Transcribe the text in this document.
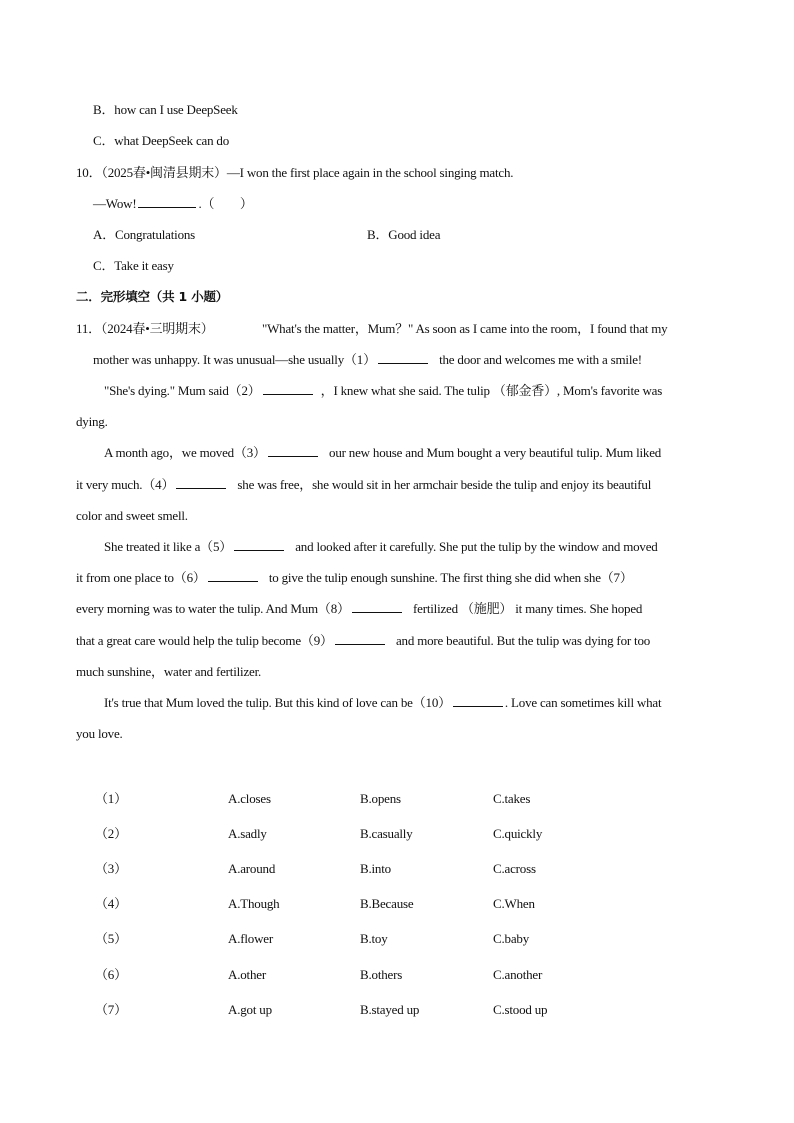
B．how can I use DeepSeek
C．what DeepSeek can do
10．（2025春•闽清县期末）—I won the first place again in the school singing match.
—Wow!	.（　　）
A．Congratulations	B．Good idea
C．Take it easy
二．完形填空（共 1 小题）
11．（2024春•三明期末）	"What's the matter，Mum？" As soon as I came into the room，I found that my
mother was unhappy. It was unusual—she usually（1）	the door and welcomes me with a smile!
"She's dying." Mum said（2）	，I knew what she said. The tulip （郁金香）, Mom's favorite was
dying.
A month ago，we moved（3）	our new house and Mum bought a very beautiful tulip. Mum liked
it very much.（4）	she was free，she would sit in her armchair beside the tulip and enjoy its beautiful
color and sweet smell.
She treated it like a（5）	and looked after it carefully. She put the tulip by the window and moved
it from one place to（6）	to give the tulip enough sunshine. The first thing she did when she（7）
every morning was to water the tulip. And Mum（8）	fertilized （施肥） it many times. She hoped
that a great care would help the tulip become（9）	and more beautiful. But the tulip was dying for too
much sunshine，water and fertilizer.
It's true that Mum loved the tulip. But this kind of love can be（10）	. Love can sometimes kill what
you love.
（1）	A.closes	B.opens	C.takes
（2）	A.sadly	B.casually	C.quickly
（3）	A.around	B.into	C.across
（4）	A.Though	B.Because	C.When
（5）	A.flower	B.toy	C.baby
（6）	A.other	B.others	C.another
（7）	A.got up	B.stayed up	C.stood up
